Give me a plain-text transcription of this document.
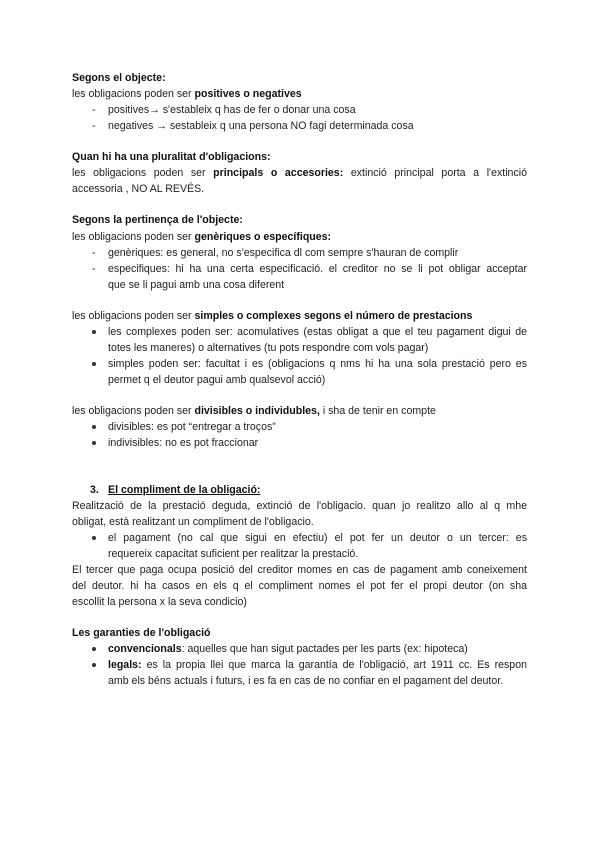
Segons el objecte:
les obligacions poden ser positives o negatives
- positives→ s'estableix q has de fer o donar una cosa
- negatives → sestableix q una persona NO fagi determinada cosa
Quan hi ha una pluralitat d'obligacions:
les obligacions poden ser principals o accesories: extinció principal porta a l'extinció
accessoria , NO AL REVÉS.
Segons la pertinença de l'objecte:
les obligacions poden ser genèriques o específiques:
- genèriques: es general, no s'especifica dl com sempre s'hauran de complir
- especifiques: hi ha una certa especificació. el creditor no se li pot obligar acceptar
que se li pagui amb una cosa diferent
les obligacions poden ser simples o complexes segons el número de prestacions
les complexes poden ser: acomulatives (estas obligat a que el teu pagament digui de
totes les maneres) o alternatives (tu pots respondre com vols pagar)
simples poden ser: facultat i es (obligacions q nms hi ha una sola prestació pero es
permet q el deutor pagui amb qualsevol acció)
les obligacions poden ser divisibles o individubles, i sha de tenir en compte
divisibles: es pot “entregar a troços”
indivisibles: no es pot fraccionar
3. El compliment de la obligació:
Realització de la prestació deguda, extinció de l'obligacio. quan jo realitzo allo al q mhe
obligat, està realitzant un compliment de l'obligacio.
el pagament (no cal que sigui en efectiu) el pot fer un deutor o un tercer: es
requereix capacitat suficient per realitzar la prestació.
El tercer que paga ocupa posició del creditor momes en cas de pagament amb coneixement
del deutor. hi ha casos en els q el compliment nomes el pot fer el propi deutor (on sha
escollit la persona x la seva condicio)
Les garanties de l'obligació
convencionals: aquelles que han sigut pactades per les parts (ex: hipoteca)
legals: es la propia llei que marca la garantía de l'obligació, art 1911 cc. Es respon
amb els béns actuals i futurs, i es fa en cas de no confiar en el pagament del deutor.
